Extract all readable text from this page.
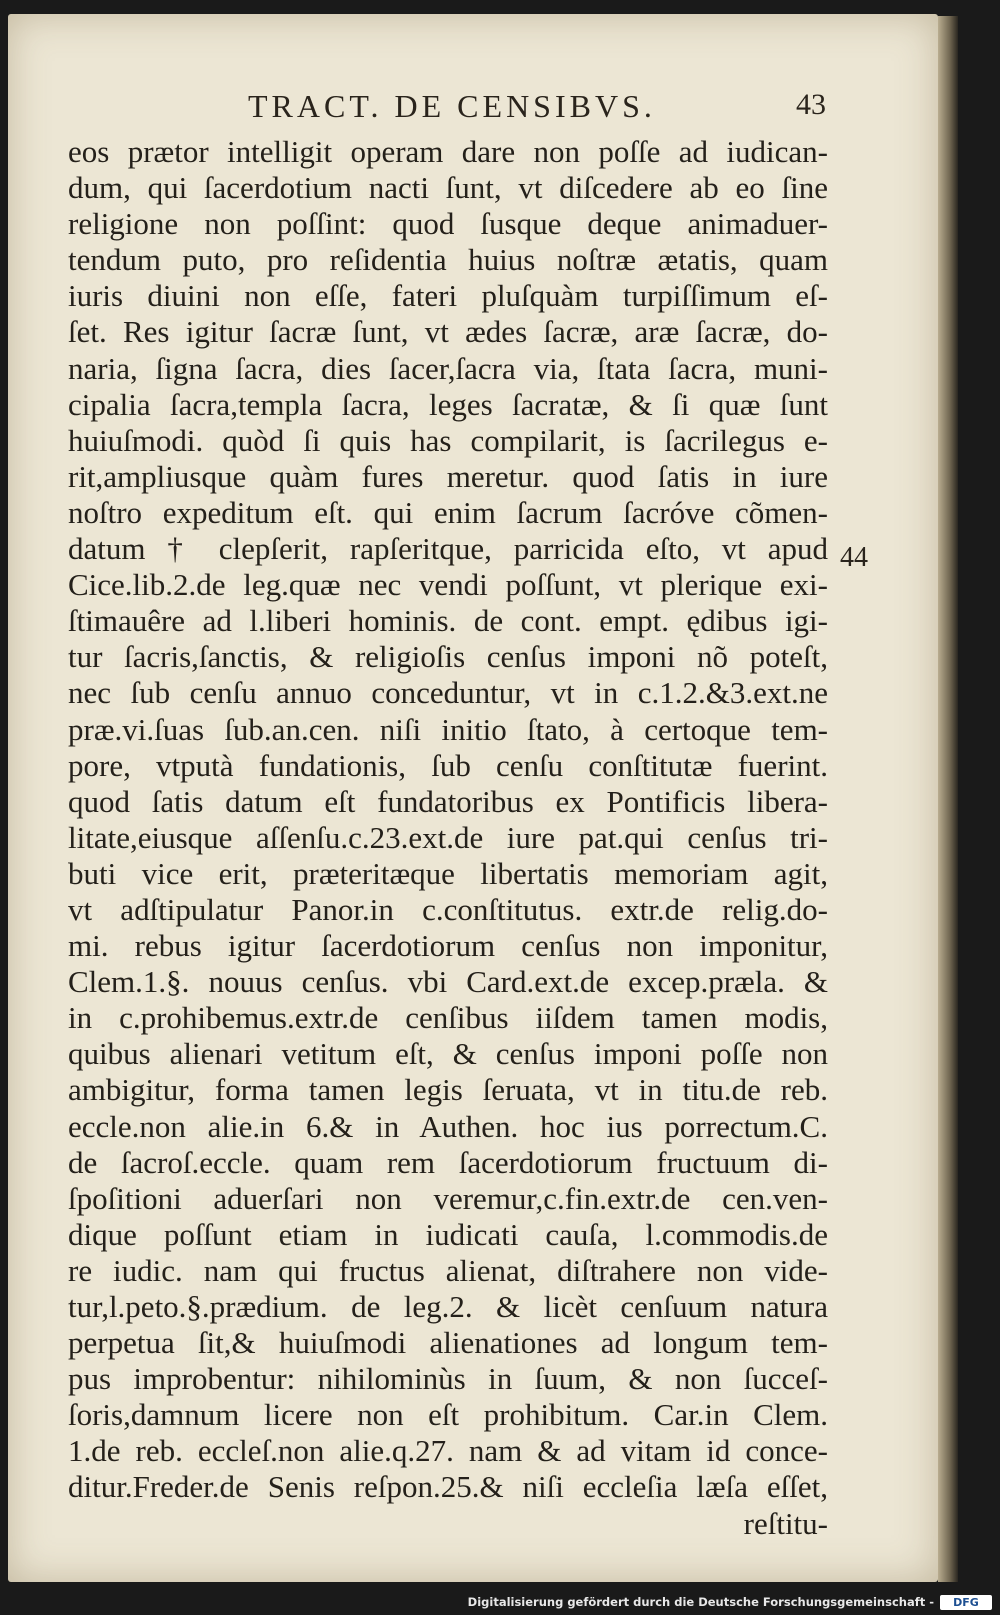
TRACT. DE CENSIBVS.	43
eos prætor intelligit operam dare non poſſe ad iudican-
dum, qui ſacerdotium nacti ſunt, vt diſcedere ab eo ſine
religione non poſſint: quod ſusque deque animaduer-
tendum puto, pro reſidentia huius noſtræ ætatis, quam
iuris diuini non eſſe, fateri pluſquàm turpiſſimum eſ-
ſet. Res igitur ſacræ ſunt, vt ædes ſacræ, aræ ſacræ, do-
naria, ſigna ſacra, dies ſacer,ſacra via, ſtata ſacra, muni-
cipalia ſacra,templa ſacra, leges ſacratæ, & ſi quæ ſunt
huiuſmodi. quòd ſi quis has compilarit, is ſacrilegus e-
rit,ampliusque quàm fures meretur. quod ſatis in iure
noſtro expeditum eſt. qui enim ſacrum ſacróve cõmen-
datum † clepſerit, rapſeritque, parricida eſto, vt apud
Cice.lib.2.de leg.quæ nec vendi poſſunt, vt plerique exi-
ſtimauêre ad l.liberi hominis. de cont. empt. ędibus igi-
tur ſacris,ſanctis, & religioſis cenſus imponi nõ poteſt,
nec ſub cenſu annuo conceduntur, vt in c.1.2.&3.ext.ne
præ.vi.ſuas ſub.an.cen. niſi initio ſtato, à certoque tem-
pore, vtputà fundationis, ſub cenſu conſtitutæ fuerint.
quod ſatis datum eſt fundatoribus ex Pontificis libera-
litate,eiusque aſſenſu.c.23.ext.de iure pat.qui cenſus tri-
buti vice erit, præteritæque libertatis memoriam agit,
vt adſtipulatur Panor.in c.conſtitutus. extr.de relig.do-
mi. rebus igitur ſacerdotiorum cenſus non imponitur,
Clem.1.§. nouus cenſus. vbi Card.ext.de excep.præla. &
in c.prohibemus.extr.de cenſibus iiſdem tamen modis,
quibus alienari vetitum eſt, & cenſus imponi poſſe non
ambigitur, forma tamen legis ſeruata, vt in titu.de reb.
eccle.non alie.in 6.& in Authen. hoc ius porrectum.C.
de ſacroſ.eccle. quam rem ſacerdotiorum fructuum di-
ſpoſitioni aduerſari non veremur,c.fin.extr.de cen.ven-
dique poſſunt etiam in iudicati cauſa, l.commodis.de
re iudic. nam qui fructus alienat, diſtrahere non vide-
tur,l.peto.§.prædium. de leg.2. & licèt cenſuum natura
perpetua ſit,& huiuſmodi alienationes ad longum tem-
pus improbentur: nihilominùs in ſuum, & non ſucceſ-
ſoris,damnum licere non eſt prohibitum. Car.in Clem.
1.de reb. eccleſ.non alie.q.27. nam & ad vitam id conce-
ditur.Freder.de Senis reſpon.25.& niſi eccleſia læſa eſſet,
reſtitu-
44
Digitalisierung gefördert durch die Deutsche Forschungsgemeinschaft -	DFG
